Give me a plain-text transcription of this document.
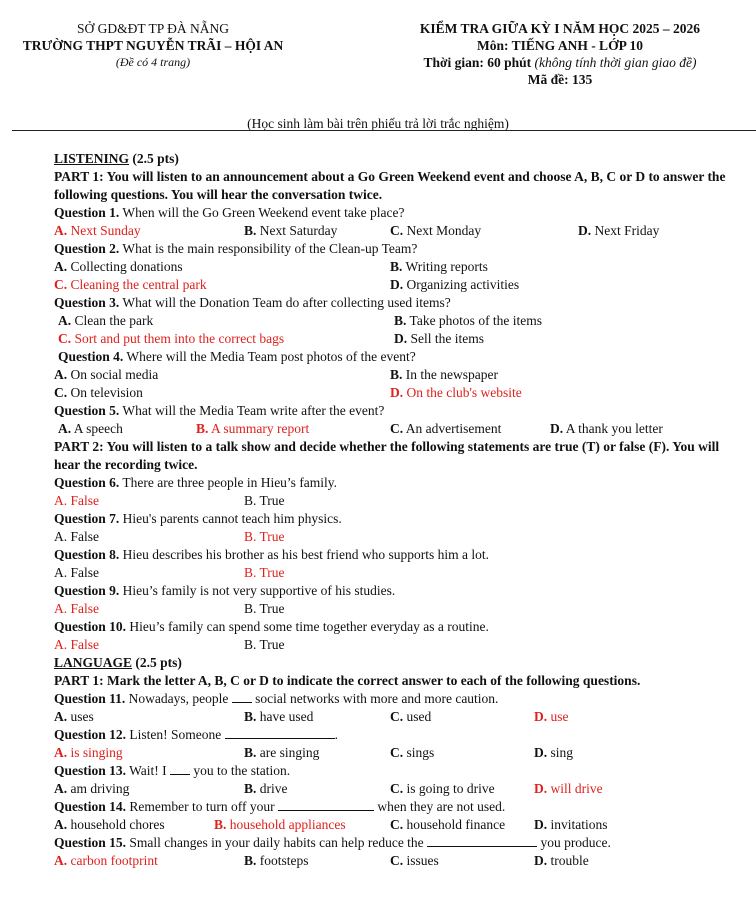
SỞ GD&ĐT TP ĐÀ NẴNG
TRƯỜNG THPT NGUYỄN TRÃI – HỘI AN
(Đề có 4 trang)
KIỂM TRA GIỮA KỲ I NĂM HỌC 2025 – 2026
Môn: TIẾNG ANH - LỚP 10
Thời gian: 60 phút (không tính thời gian giao đề)
Mã đề: 135
(Học sinh làm bài trên phiếu trả lời trắc nghiệm)
LISTENING (2.5 pts)
PART 1: You will listen to an announcement about a Go Green Weekend event and choose A, B, C or D to answer the following questions. You will hear the conversation twice.
Question 1. When will the Go Green Weekend event take place?
A. Next Sunday	B. Next Saturday	C. Next Monday	D. Next Friday
Question 2. What is the main responsibility of the Clean-up Team?
A. Collecting donations	B. Writing reports
C. Cleaning the central park	D. Organizing activities
Question 3. What will the Donation Team do after collecting used items?
A. Clean the park	B. Take photos of the items
C. Sort and put them into the correct bags	D. Sell the items
Question 4. Where will the Media Team post photos of the event?
A. On social media	B. In the newspaper
C. On television	D. On the club's website
Question 5. What will the Media Team write after the event?
A. A speech	B. A summary report	C. An advertisement	D. A thank you letter
PART 2: You will listen to a talk show and decide whether the following statements are true (T) or false (F). You will hear the recording twice.
Question 6. There are three people in Hieu’s family.
A. False	B. True
Question 7. Hieu's parents cannot teach him physics.
A. False	B. True
Question 8. Hieu describes his brother as his best friend who supports him a lot.
A. False	B. True
Question 9. Hieu’s family is not very supportive of his studies.
A. False	B. True
Question 10. Hieu’s family can spend some time together everyday as a routine.
A. False	B. True
LANGUAGE (2.5 pts)
PART 1: Mark the letter A, B, C or D to indicate the correct answer to each of the following questions.
Question 11. Nowadays, people  social networks with more and more caution.
A. uses	B. have used	C. used	D. use
Question 12. Listen! Someone	.
A. is singing	B. are singing	C. sings	D. sing
Question 13. Wait! I  you to the station.
A. am driving	B. drive	C. is going to drive	D. will drive
Question 14. Remember to turn off your	when they are not used.
A. household chores	B. household appliances	C. household finance D. invitations
Question 15. Small changes in your daily habits can help reduce the	you produce.
A. carbon footprint	B. footsteps	C. issues	D. trouble
